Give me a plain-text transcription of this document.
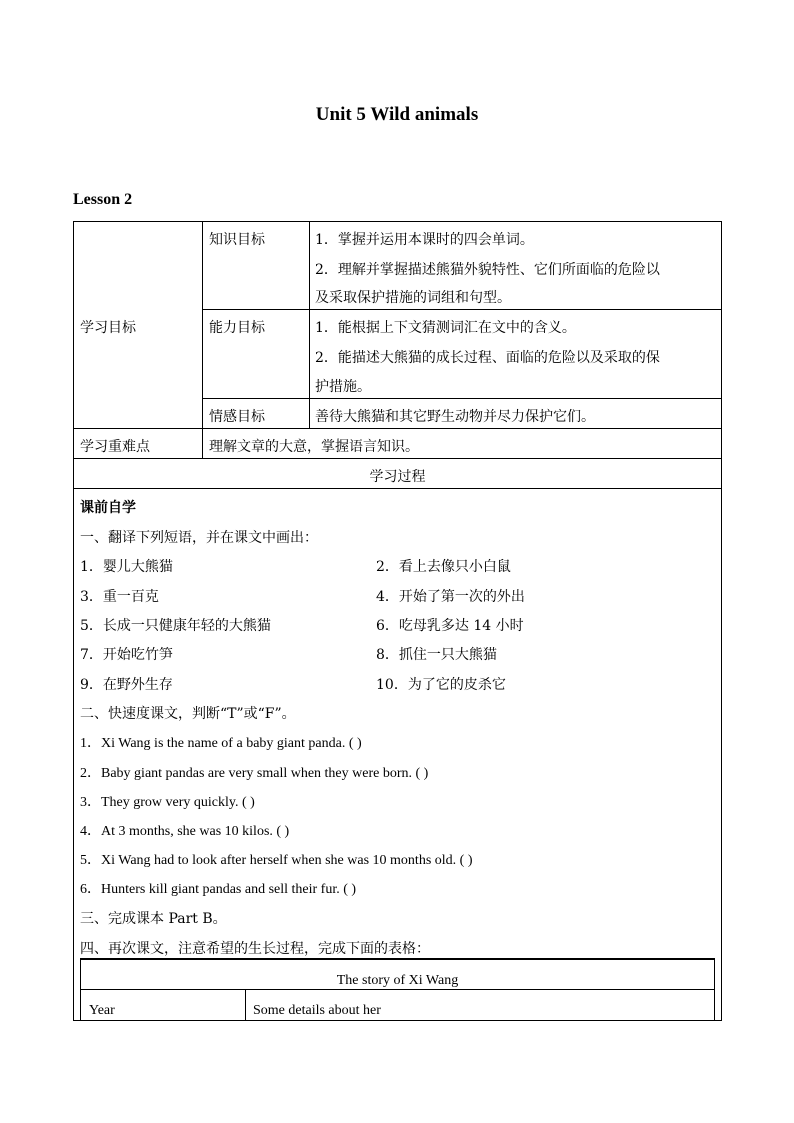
Unit 5 Wild animals
Lesson 2
学习目标
知识目标	1．掌握并运用本课时的四会单词。
2．理解并掌握描述熊猫外貌特性、它们所面临的危险以
及采取保护措施的词组和句型。
能力目标	1．能根据上下文猜测词汇在文中的含义。
2．能描述大熊猫的成长过程、面临的危险以及采取的保
护措施。
情感目标	善待大熊猫和其它野生动物并尽力保护它们。
学习重难点	理解文章的大意，掌握语言知识。
学习过程
课前自学
一、翻译下列短语，并在课文中画出：
1．婴儿大熊猫	2．看上去像只小白鼠
3．重一百克	4．开始了第一次的外出
5．长成一只健康年轻的大熊猫	6．吃母乳多达 14 小时
7．开始吃竹笋	8．抓住一只大熊猫
9．在野外生存	10．为了它的皮杀它
二、快速度课文，判断“T”或“F”。
1．Xi Wang is the name of a baby giant panda. ( )
2．Baby giant pandas are very small when they were born. ( )
3．They grow very quickly. ( )
4．At 3 months, she was 10 kilos. ( )
5．Xi Wang had to look after herself when she was 10 months old. ( )
6．Hunters kill giant pandas and sell their fur. ( )
三、完成课本 Part B。
四、再次课文，注意希望的生长过程，完成下面的表格：
The story of Xi Wang
Year	Some details about her
